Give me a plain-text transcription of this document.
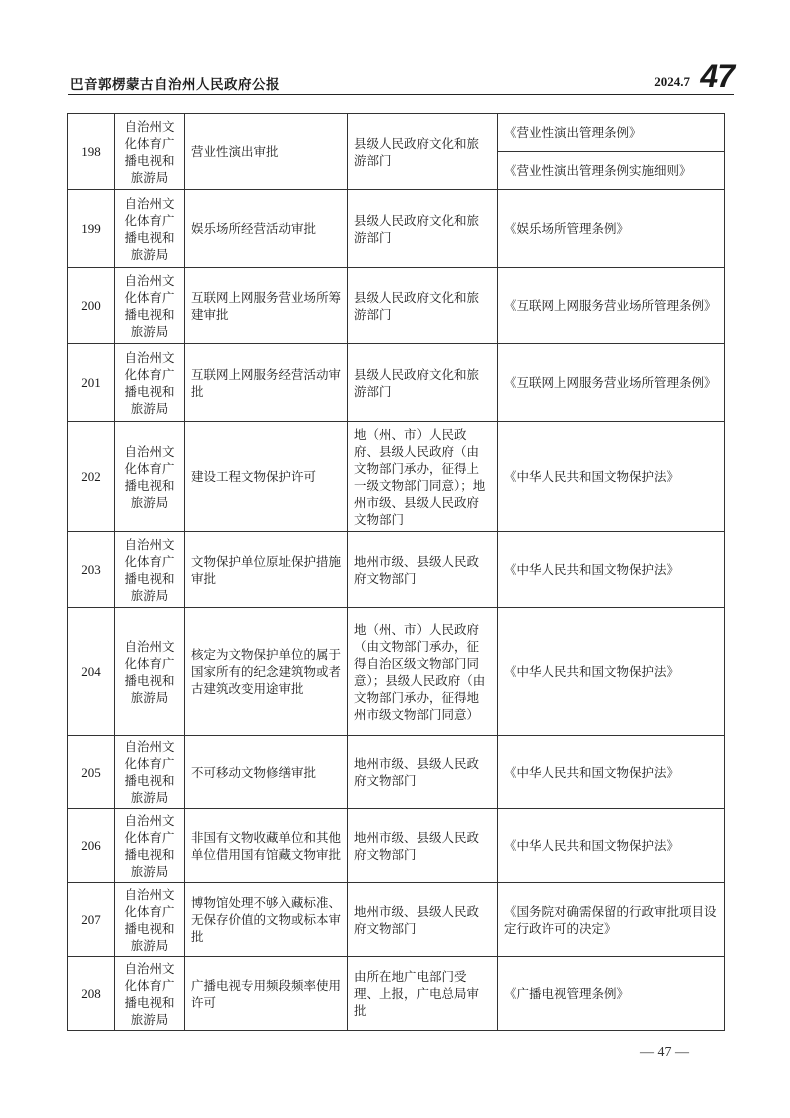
巴音郭楞蒙古自治州人民政府公报	2024.7 47
198	自治州文化体育广播电视和旅游局	营业性演出审批	县级人民政府文化和旅游部门	《营业性演出管理条例》
				《营业性演出管理条例实施细则》
199	自治州文化体育广播电视和旅游局	娱乐场所经营活动审批	县级人民政府文化和旅游部门	《娱乐场所管理条例》
200	自治州文化体育广播电视和旅游局	互联网上网服务营业场所筹建审批	县级人民政府文化和旅游部门	《互联网上网服务营业场所管理条例》
201	自治州文化体育广播电视和旅游局	互联网上网服务经营活动审批	县级人民政府文化和旅游部门	《互联网上网服务营业场所管理条例》
202	自治州文化体育广播电视和旅游局	建设工程文物保护许可	地（州、市）人民政府、县级人民政府（由文物部门承办，征得上一级文物部门同意）；地州市级、县级人民政府文物部门	《中华人民共和国文物保护法》
203	自治州文化体育广播电视和旅游局	文物保护单位原址保护措施审批	地州市级、县级人民政府文物部门	《中华人民共和国文物保护法》
204	自治州文化体育广播电视和旅游局	核定为文物保护单位的属于国家所有的纪念建筑物或者古建筑改变用途审批	地（州、市）人民政府（由文物部门承办，征得自治区级文物部门同意）；县级人民政府（由文物部门承办，征得地州市级文物部门同意）	《中华人民共和国文物保护法》
205	自治州文化体育广播电视和旅游局	不可移动文物修缮审批	地州市级、县级人民政府文物部门	《中华人民共和国文物保护法》
206	自治州文化体育广播电视和旅游局	非国有文物收藏单位和其他单位借用国有馆藏文物审批	地州市级、县级人民政府文物部门	《中华人民共和国文物保护法》
207	自治州文化体育广播电视和旅游局	博物馆处理不够入藏标准、无保存价值的文物或标本审批	地州市级、县级人民政府文物部门	《国务院对确需保留的行政审批项目设定行政许可的决定》
208	自治州文化体育广播电视和旅游局	广播电视专用频段频率使用许可	由所在地广电部门受理、上报，广电总局审批	《广播电视管理条例》
— 47 —
